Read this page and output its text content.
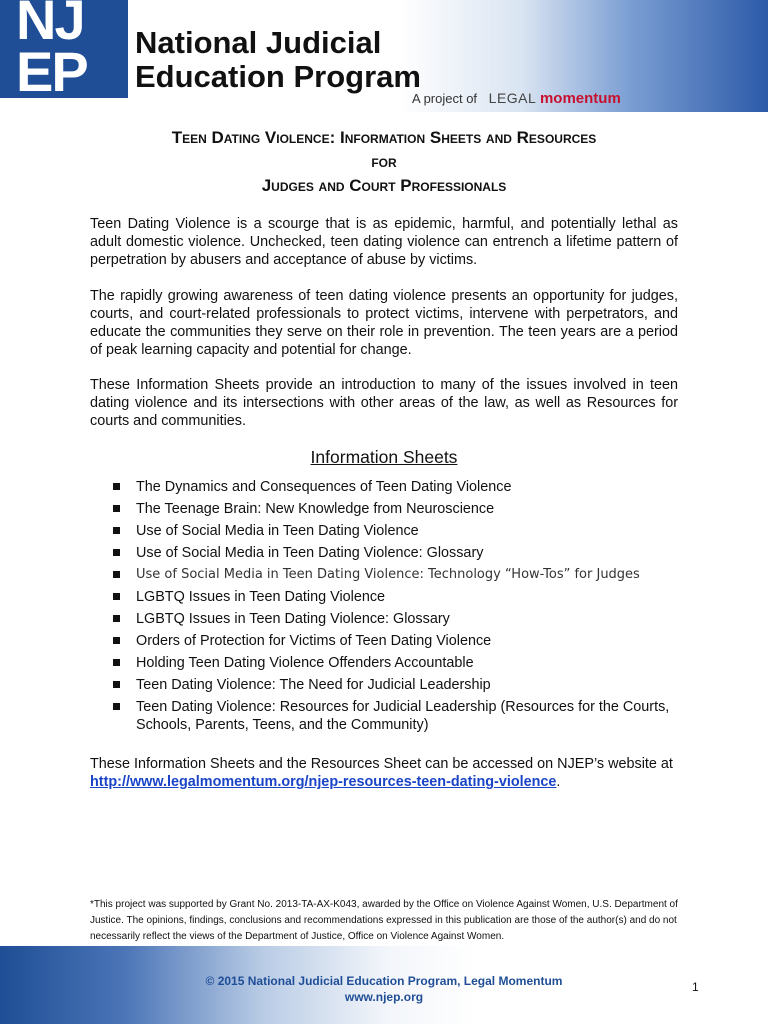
NJ
EP National Judicial
Education Program
A project of LEGAL momentum
Teen Dating Violence: Information Sheets and Resources
for
Judges and Court Professionals
Teen Dating Violence is a scourge that is as epidemic, harmful, and potentially lethal as adult domestic violence. Unchecked, teen dating violence can entrench a lifetime pattern of perpetration by abusers and acceptance of abuse by victims.
The rapidly growing awareness of teen dating violence presents an opportunity for judges, courts, and court-related professionals to protect victims, intervene with perpetrators, and educate the communities they serve on their role in prevention. The teen years are a period of peak learning capacity and potential for change.
These Information Sheets provide an introduction to many of the issues involved in teen dating violence and its intersections with other areas of the law, as well as Resources for courts and communities.
Information Sheets
The Dynamics and Consequences of Teen Dating Violence
The Teenage Brain: New Knowledge from Neuroscience
Use of Social Media in Teen Dating Violence
Use of Social Media in Teen Dating Violence: Glossary
Use of Social Media in Teen Dating Violence: Technology “How-Tos” for Judges
LGBTQ Issues in Teen Dating Violence
LGBTQ Issues in Teen Dating Violence: Glossary
Orders of Protection for Victims of Teen Dating Violence
Holding Teen Dating Violence Offenders Accountable
Teen Dating Violence: The Need for Judicial Leadership
Teen Dating Violence: Resources for Judicial Leadership (Resources for the Courts, Schools, Parents, Teens, and the Community)
These Information Sheets and the Resources Sheet can be accessed on NJEP’s website at http://www.legalmomentum.org/njep-resources-teen-dating-violence.
*This project was supported by Grant No. 2013-TA-AX-K043, awarded by the Office on Violence Against Women, U.S. Department of Justice. The opinions, findings, conclusions and recommendations expressed in this publication are those of the author(s) and do not necessarily reflect the views of the Department of Justice, Office on Violence Against Women.
© 2015 National Judicial Education Program, Legal Momentum
www.njep.org
1
